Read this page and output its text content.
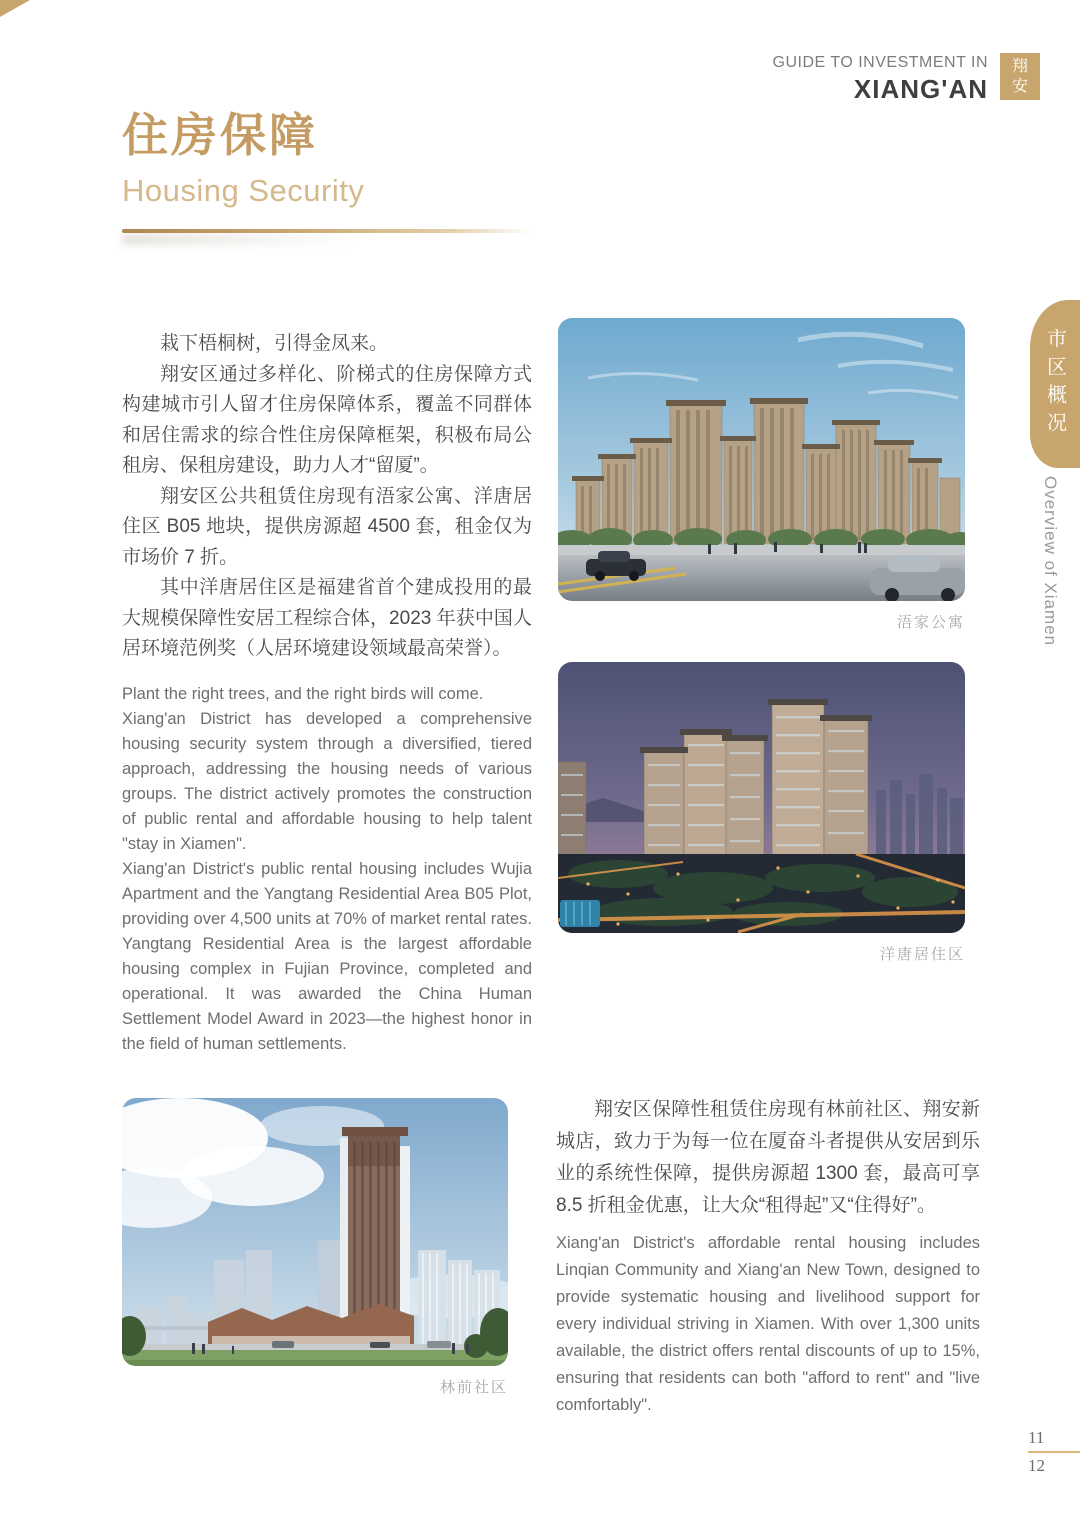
GUIDE TO INVESTMENT IN
XIANG'AN
翔
安
住房保障
Housing Security

栽下梧桐树，引得金凤来。

翔安区通过多样化、阶梯式的住房保障方式构建城市引人留才住房保障体系，覆盖不同群体和居住需求的综合性住房保障框架，积极布局公租房、保租房建设，助力人才“留厦”。

翔安区公共租赁住房现有浯家公寓、洋唐居住区 B05 地块，提供房源超 4500 套，租金仅为市场价 7 折。

其中洋唐居住区是福建省首个建成投用的最大规模保障性安居工程综合体，2023 年获中国人居环境范例奖（人居环境建设领域最高荣誉）。

Plant the right trees, and the right birds will come.

Xiang'an District has developed a comprehensive housing security system through a diversified, tiered approach, addressing the housing needs of various groups. The district actively promotes the construction of public rental and affordable housing to help talent "stay in Xiamen".

Xiang'an District's public rental housing includes Wujia Apartment and the Yangtang Residential Area B05 Plot, providing over 4,500 units at 70% of market rental rates. Yangtang Residential Area is the largest affordable housing complex in Fujian Province, completed and operational. It was awarded the China Human Settlement Model Award in 2023—the highest honor in the field of human settlements.

浯家公寓
洋唐居住区
林前社区

翔安区保障性租赁住房现有林前社区、翔安新城店，致力于为每一位在厦奋斗者提供从安居到乐业的系统性保障，提供房源超 1300 套，最高可享 8.5 折租金优惠，让大众“租得起”又“住得好”。

Xiang'an District's affordable rental housing includes Linqian Community and Xiang'an New Town, designed to provide systematic housing and livelihood support for every individual striving in Xiamen. With over 1,300 units available, the district offers rental discounts of up to 15%, ensuring that residents can both "afford to rent" and "live comfortably".

市区概况
Overview of Xiamen
11
12
